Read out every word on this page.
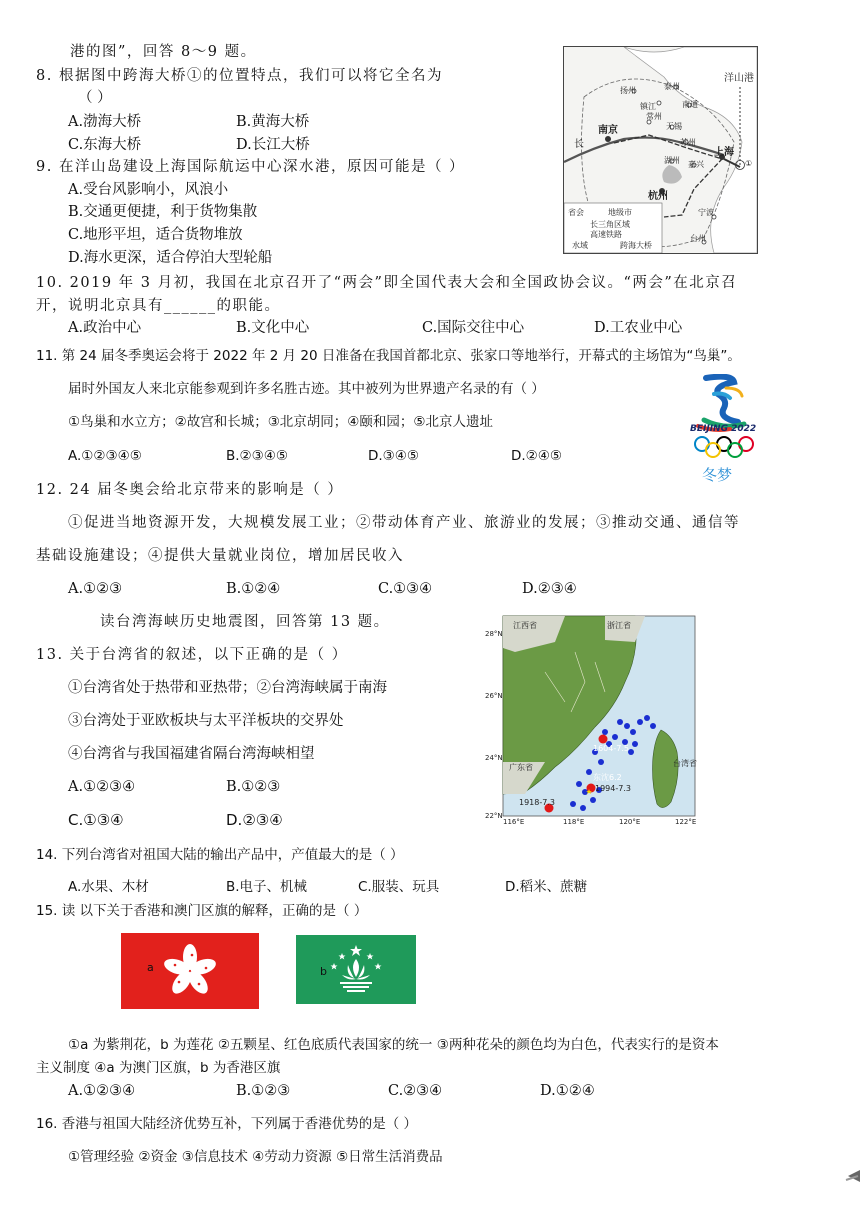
港的图”，回答 8～9 题。
8. 根据图中跨海大桥①的位置特点，我们可以将它全名为
（ ）
A.渤海大桥	B.黄海大桥
C.东海大桥	D.长江大桥
9. 在洋山岛建设上海国际航运中心深水港，原因可能是（ ）
A.受台风影响小，风浪小
B.交通更便捷，利于货物集散
C.地形平坦，适合货物堆放
D.海水更深，适合停泊大型轮船
扬州	泰州
南通
南京
镇江
常州
无锡
苏州
湖州 嘉兴
上海
杭州
宁波
台州
洋山港
①
长
省会	地级市
长三角区域
高速铁路
水域	跨海大桥
10. 2019 年 3 月初，我国在北京召开了“两会”即全国代表大会和全国政协会议。“两会”在北京召
开，说明北京具有______的职能。
A.政治中心	B.文化中心	C.国际交往中心	D.工农业中心
11. 第 24 届冬季奥运会将于 2022 年 2 月 20 日准备在我国首都北京、张家口等地举行，开幕式的主场馆为“鸟巢”。
届时外国友人来北京能参观到许多名胜古迹。其中被列为世界遗产名录的有（ ）
①鸟巢和水立方；②故宫和长城；③北京胡同；④颐和园；⑤北京人遗址
A.①②③④⑤	B.②③④⑤	D.③④⑤	D.②④⑤
BEIJING 2022
冬梦
12. 24 届冬奥会给北京带来的影响是（ ）
①促进当地资源开发，大规模发展工业；②带动体育产业、旅游业的发展；③推动交通、通信等
基础设施建设；④提供大量就业岗位，增加居民收入
A.①②③	B.①②④	C.①③④	D.②③④
读台湾海峡历史地震图，回答第 13 题。
13. 关于台湾省的叙述，以下正确的是（ ）
①台湾省处于热带和亚热带；②台湾海峡属于南海
③台湾处于亚欧板块与太平洋板块的交界处
④台湾省与我国福建省隔台湾海峡相望
A.①②③④	B.①②③
C.①③④	D.②③④
江西省	浙江省
广东省	台湾省
28°N
26°N
24°N
22°N
116°E	118°E	120°E	122°E
1604-7.5
东沈6.2
1918-7.3
1994-7.3
14. 下列台湾省对祖国大陆的输出产品中，产值最大的是（ ）
A.水果、木材	B.电子、机械	C.服装、玩具	D.稻米、蔗糖
15. 读 以下关于香港和澳门区旗的解释，正确的是（ ）
a	b
①a 为紫荆花，b 为莲花 ②五颗星、红色底质代表国家的统一 ③两种花朵的颜色均为白色，代表实行的是资本
主义制度 ④a 为澳门区旗，b 为香港区旗
A.①②③④	B.①②③	C.②③④	D.①②④
16. 香港与祖国大陆经济优势互补，下列属于香港优势的是（ ）
①管理经验 ②资金 ③信息技术 ④劳动力资源 ⑤日常生活消费品
